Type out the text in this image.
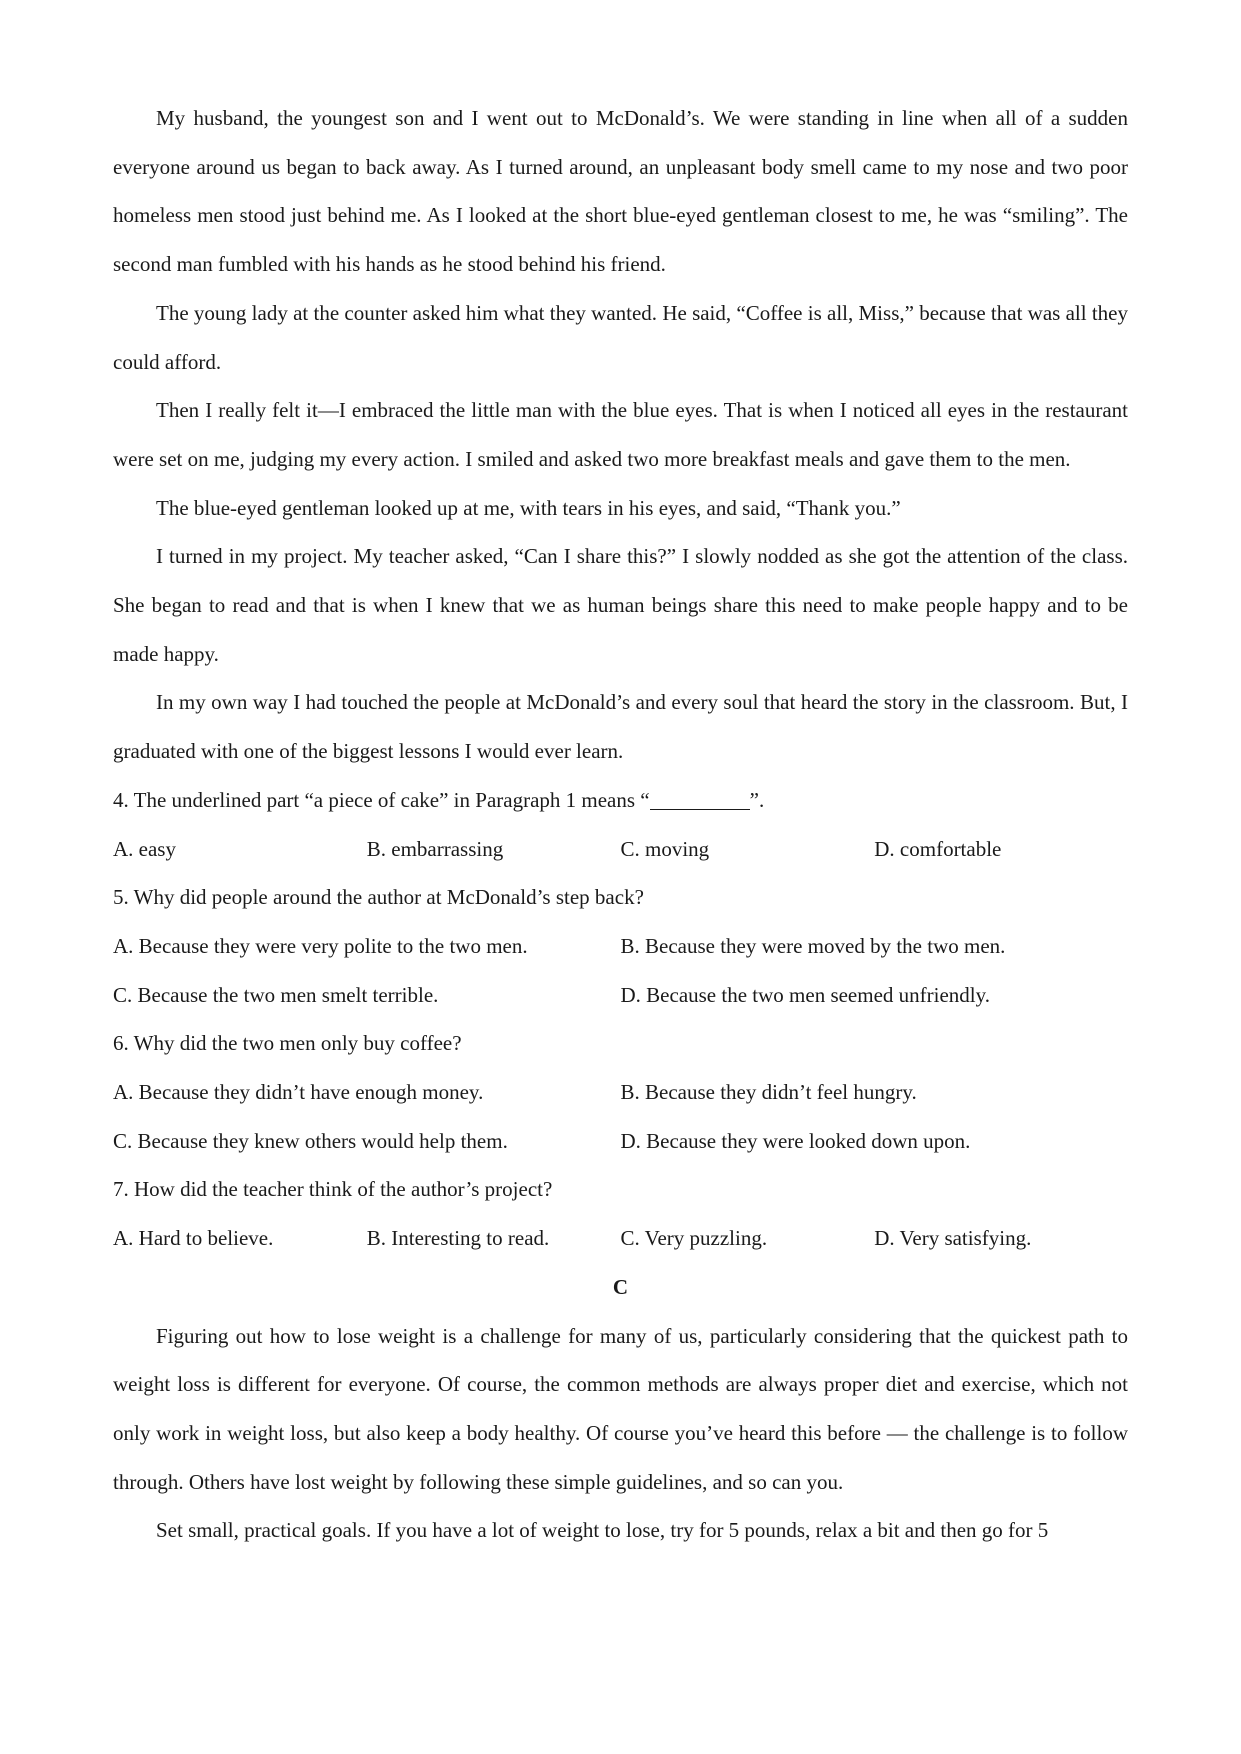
My husband, the youngest son and I went out to McDonald’s. We were standing in line when all of a sudden everyone around us began to back away. As I turned around, an unpleasant body smell came to my nose and two poor homeless men stood just behind me. As I looked at the short blue-eyed gentleman closest to me, he was “smiling”. The second man fumbled with his hands as he stood behind his friend.

The young lady at the counter asked him what they wanted. He said, “Coffee is all, Miss,” because that was all they could afford.

Then I really felt it—I embraced the little man with the blue eyes. That is when I noticed all eyes in the restaurant were set on me, judging my every action. I smiled and asked two more breakfast meals and gave them to the men.

The blue-eyed gentleman looked up at me, with tears in his eyes, and said, “Thank you.”

I turned in my project. My teacher asked, “Can I share this?” I slowly nodded as she got the attention of the class. She began to read and that is when I knew that we as human beings share this need to make people happy and to be made happy.

In my own way I had touched the people at McDonald’s and every soul that heard the story in the classroom. But, I graduated with one of the biggest lessons I would ever learn.

4. The underlined part “a piece of cake” in Paragraph 1 means “	”.

A. easy	B. embarrassing	C. moving	D. comfortable

5. Why did people around the author at McDonald’s step back?

A. Because they were very polite to the two men.	B. Because they were moved by the two men.
C. Because the two men smelt terrible.	D. Because the two men seemed unfriendly.

6. Why did the two men only buy coffee?

A. Because they didn’t have enough money.	B. Because they didn’t feel hungry.
C. Because they knew others would help them.	D. Because they were looked down upon.

7. How did the teacher think of the author’s project?

A. Hard to believe.	B. Interesting to read.	C. Very puzzling.	D. Very satisfying.

C

Figuring out how to lose weight is a challenge for many of us, particularly considering that the quickest path to weight loss is different for everyone. Of course, the common methods are always proper diet and exercise, which not only work in weight loss, but also keep a body healthy. Of course you’ve heard this before — the challenge is to follow through. Others have lost weight by following these simple guidelines, and so can you.

Set small, practical goals. If you have a lot of weight to lose, try for 5 pounds, relax a bit and then go for 5
